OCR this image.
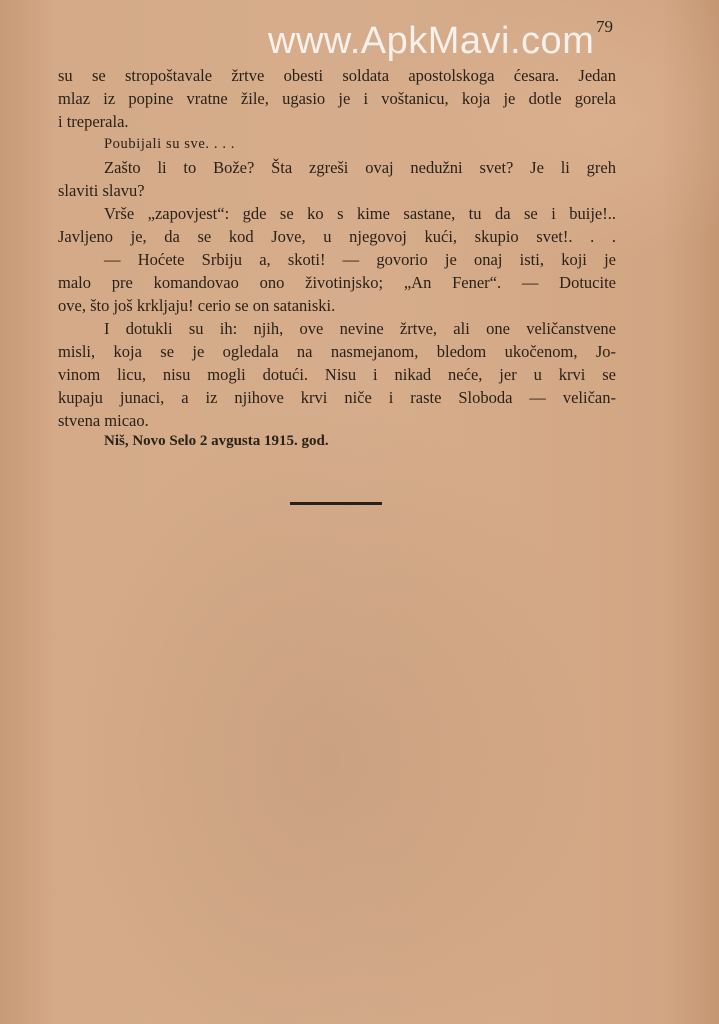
www.ApkMavi.com 79
su se stropoštavale žrtve obesti soldata apostolskoga ćesara. Jedan
mlaz iz popine vratne žile, ugasio je i voštanicu, koja je dotle gorela
i treperala.
Poubijali su sve. . . .
Zašto li to Bože? Šta zgreši ovaj nedužni svet? Je li greh
slaviti slavu?
Vrše „zapovjest“: gde se ko s kime sastane, tu da se i buije!..
Javljeno je, da se kod Jove, u njegovoj kući, skupio svet!. . .
— Hoćete Srbiju a, skoti! — govorio je onaj isti, koji je
malo pre komandovao ono životinjsko; „An Fener“. — Dotucite
ove, što još krkljaju! cerio se on sataniski.
I dotukli su ih: njih, ove nevine žrtve, ali one veličanstvene
misli, koja se je ogledala na nasmejanom, bledom ukočenom, Jo-
vinom licu, nisu mogli dotući. Nisu i nikad neće, jer u krvi se
kupaju junaci, a iz njihove krvi niče i raste Sloboda — veličan-
stvena micao.
Niš, Novo Selo 2 avgusta 1915. god.
